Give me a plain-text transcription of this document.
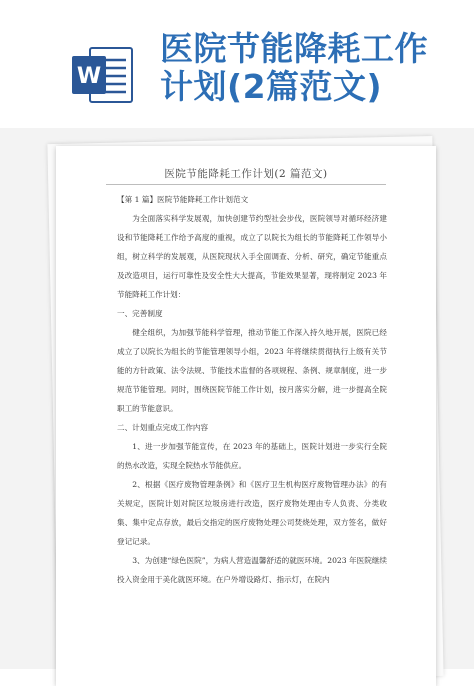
W
医院节能降耗工作
计划(2篇范文)
医院节能降耗工作计划(2 篇范文)

【第 1 篇】医院节能降耗工作计划范文

为全面落实科学发展观，加快创建节约型社会步伐，医院领导对循环经济建设和节能降耗工作给予高度的重视，成立了以院长为组长的节能降耗工作领导小组，树立科学的发展观，从医院现状入手全面调查、分析、研究，确定节能重点及改造项目，运行可靠性及安全性大大提高，节能效果显著，现将制定 2023 年节能降耗工作计划：

一、完善制度

健全组织，为加强节能科学管理，推动节能工作深入持久地开展，医院已经成立了以院长为组长的节能管理领导小组，2023 年将继续贯彻执行上级有关节能的方针政策、法令法规、节能技术监督的各项规程、条例、规章制度，进一步规范节能管理。同时，围绕医院节能工作计划，按月落实分解，进一步提高全院职工的节能意识。

二、计划重点完成工作内容

1、进一步加强节能宣传，在 2023 年的基础上，医院计划进一步实行全院的热水改造，实现全院热水节能供应。

2、根据《医疗废物管理条例》和《医疗卫生机构医疗废物管理办法》的有关规定，医院计划对院区垃圾房进行改造，医疗废物处理由专人负责、分类收集、集中定点存放，最后交指定的医疗废物处理公司焚烧处理，双方签名，做好登记记录。

3、为创建“绿色医院”，为病人营造温馨舒适的就医环境。2023 年医院继续投入资金用于美化就医环境。在户外增设路灯、指示灯，在院内
